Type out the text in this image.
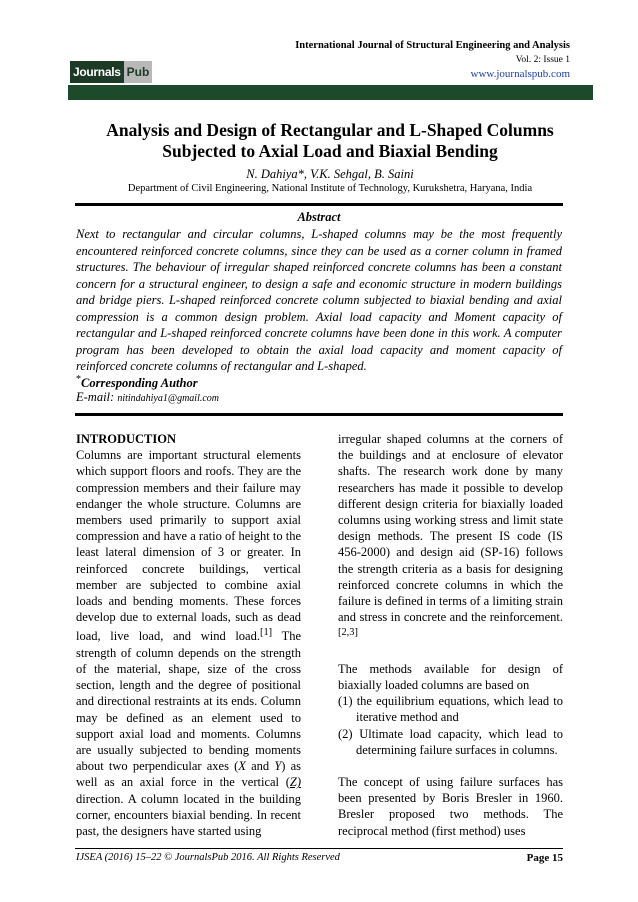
International Journal of Structural Engineering and Analysis
Vol. 2: Issue 1
www.journalspub.com
Journals Pub
Analysis and Design of Rectangular and L-Shaped Columns
Subjected to Axial Load and Biaxial Bending
N. Dahiya*, V.K. Sehgal, B. Saini
Department of Civil Engineering, National Institute of Technology, Kurukshetra, Haryana, India
Abstract
Next to rectangular and circular columns, L-shaped columns may be the most frequently encountered reinforced concrete columns, since they can be used as a corner column in framed structures. The behaviour of irregular shaped reinforced concrete columns has been a constant concern for a structural engineer, to design a safe and economic structure in modern buildings and bridge piers. L-shaped reinforced concrete column subjected to biaxial bending and axial compression is a common design problem. Axial load capacity and Moment capacity of rectangular and L-shaped reinforced concrete columns have been done in this work. A computer program has been developed to obtain the axial load capacity and moment capacity of reinforced concrete columns of rectangular and L-shaped.
*Corresponding Author
E-mail: nitindahiya1@gmail.com
INTRODUCTION

Columns are important structural elements which support floors and roofs. They are the compression members and their failure may endanger the whole structure. Columns are members used primarily to support axial compression and have a ratio of height to the least lateral dimension of 3 or greater. In reinforced concrete buildings, vertical member are subjected to combine axial loads and bending moments. These forces develop due to external loads, such as dead load, live load, and wind load.[1] The strength of column depends on the strength of the material, shape, size of the cross section, length and the degree of positional and directional restraints at its ends. Column may be defined as an element used to support axial load and moments. Columns are usually subjected to bending moments about two perpendicular axes (X and Y) as well as an axial force in the vertical (Z) direction. A column located in the building corner, encounters biaxial bending. In recent past, the designers have started using

irregular shaped columns at the corners of the buildings and at enclosure of elevator shafts. The research work done by many researchers has made it possible to develop different design criteria for biaxially loaded columns using working stress and limit state design methods. The present IS code (IS 456-2000) and design aid (SP-16) follows the strength criteria as a basis for designing reinforced concrete columns in which the failure is defined in terms of a limiting strain and stress in concrete and the reinforcement.[2,3]

The methods available for design of biaxially loaded columns are based on

(1) the equilibrium equations, which lead to iterative method and
(2) Ultimate load capacity, which lead to determining failure surfaces in columns.

The concept of using failure surfaces has been presented by Boris Bresler in 1960. Bresler proposed two methods. The reciprocal method (first method) uses

IJSEA (2016) 15–22 © JournalsPub 2016. All Rights Reserved	Page 15
